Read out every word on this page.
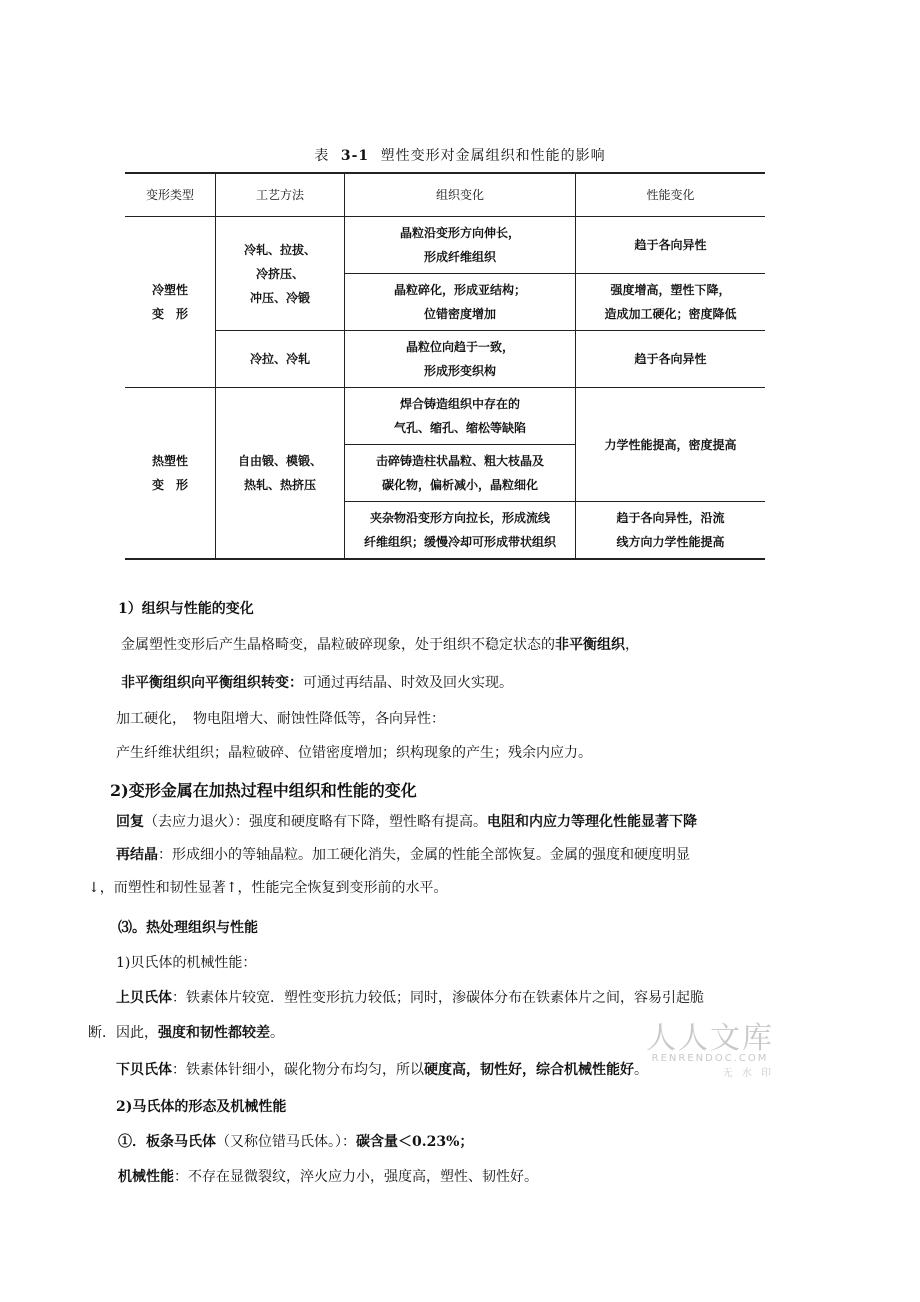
表 3-1 塑性变形对金属组织和性能的影响
变形类型	工艺方法	组织变化	性能变化

冷塑性
变　形	冷轧、拉拔、
冷挤压、
冲压、冷锻	晶粒沿变形方向伸长，
形成纤维组织	趋于各向异性

		晶粒碎化，形成亚结构；
位错密度增加	强度增高，塑性下降，
造成加工硬化；密度降低

	冷拉、冷轧	晶粒位向趋于一致，
形成形变织构	趋于各向异性

热塑性
变　形	自由锻、模锻、
热轧、热挤压	焊合铸造组织中存在的
气孔、缩孔、缩松等缺陷	力学性能提高，密度提高

		击碎铸造柱状晶粒、粗大枝晶及
碳化物，偏析减小，晶粒细化	

		夹杂物沿变形方向拉长，形成流线
纤维组织；缓慢冷却可形成带状组织	趋于各向异性，沿流
线方向力学性能提高
1）组织与性能的变化
金属塑性变形后产生晶格畸变，晶粒破碎现象，处于组织不稳定状态的非平衡组织，
非平衡组织向平衡组织转变：可通过再结晶、时效及回火实现。
加工硬化，　物电阻增大、耐蚀性降低等，各向异性：
产生纤维状组织；晶粒破碎、位错密度增加；织构现象的产生；残余内应力。
2)变形金属在加热过程中组织和性能的变化
回复（去应力退火）：强度和硬度略有下降，塑性略有提高。电阻和内应力等理化性能显著下降
再结晶：形成细小的等轴晶粒。加工硬化消失，金属的性能全部恢复。金属的强度和硬度明显
↓，而塑性和韧性显著↑，性能完全恢复到变形前的水平。
⑶。热处理组织与性能
1)贝氏体的机械性能：
上贝氏体：铁素体片较宽．塑性变形抗力较低；同时，渗碳体分布在铁素体片之间，容易引起脆
断．因此，强度和韧性都较差。
下贝氏体：铁素体针细小，碳化物分布均匀，所以硬度高，韧性好，综合机械性能好。
2)马氏体的形态及机械性能
①．板条马氏体（又称位错马氏体。）：碳含量＜0.23%；
机械性能：不存在显微裂纹，淬火应力小，强度高，塑性、韧性好。
人人文库
RENRENDOC.COM
无 水 印
